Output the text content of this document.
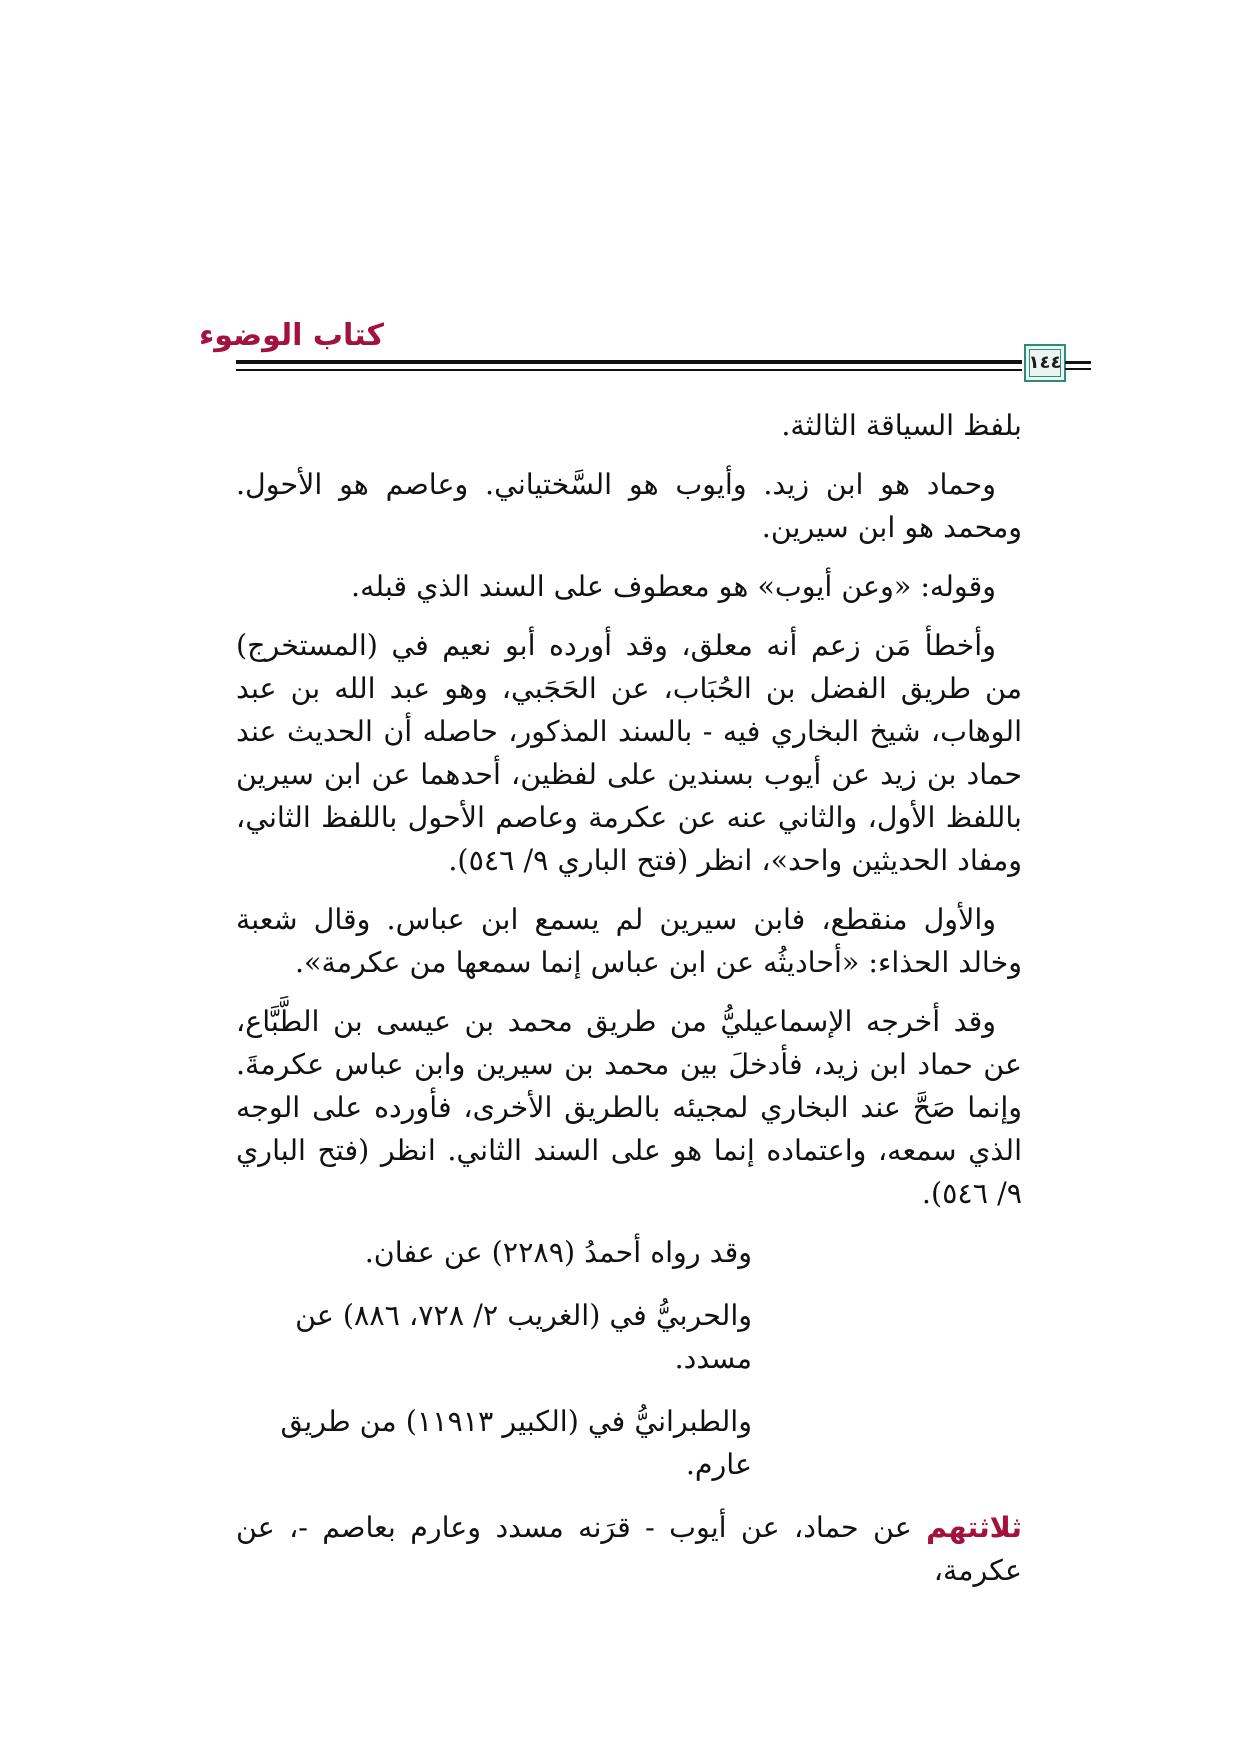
كتاب الوضوء
١٤٤

بلفظ السياقة الثالثة.

وحماد هو ابن زيد. وأيوب هو السَّختياني. وعاصم هو الأحول. ومحمد هو ابن سيرين.

وقوله: «وعن أيوب» هو معطوف على السند الذي قبله.

وأخطأ مَن زعم أنه معلق، وقد أورده أبو نعيم في (المستخرج) من طريق الفضل بن الحُبَاب، عن الحَجَبي، وهو عبد الله بن عبد الوهاب، شيخ البخاري فيه - بالسند المذكور، حاصله أن الحديث عند حماد بن زيد عن أيوب بسندين على لفظين، أحدهما عن ابن سيرين باللفظ الأول، والثاني عنه عن عكرمة وعاصم الأحول باللفظ الثاني، ومفاد الحديثين واحد»، انظر (فتح الباري ٩/ ٥٤٦).

والأول منقطع، فابن سيرين لم يسمع ابن عباس. وقال شعبة وخالد الحذاء: «أحاديثُه عن ابن عباس إنما سمعها من عكرمة».

وقد أخرجه الإسماعيليُّ من طريق محمد بن عيسى بن الطَّبَّاع، عن حماد ابن زيد، فأدخلَ بين محمد بن سيرين وابن عباس عكرمةَ. وإنما صَحَّ عند البخاري لمجيئه بالطريق الأخرى، فأورده على الوجه الذي سمعه، واعتماده إنما هو على السند الثاني. انظر (فتح الباري ٩/ ٥٤٦).

وقد رواه أحمدُ (٢٢٨٩) عن عفان.

والحربيُّ في (الغريب ٢/ ٧٢٨، ٨٨٦) عن مسدد.

والطبرانيُّ في (الكبير ١١٩١٣) من طريق عارم.

ثلاثتهم عن حماد، عن أيوب - قرَنه مسدد وعارم بعاصم -، عن عكرمة،
